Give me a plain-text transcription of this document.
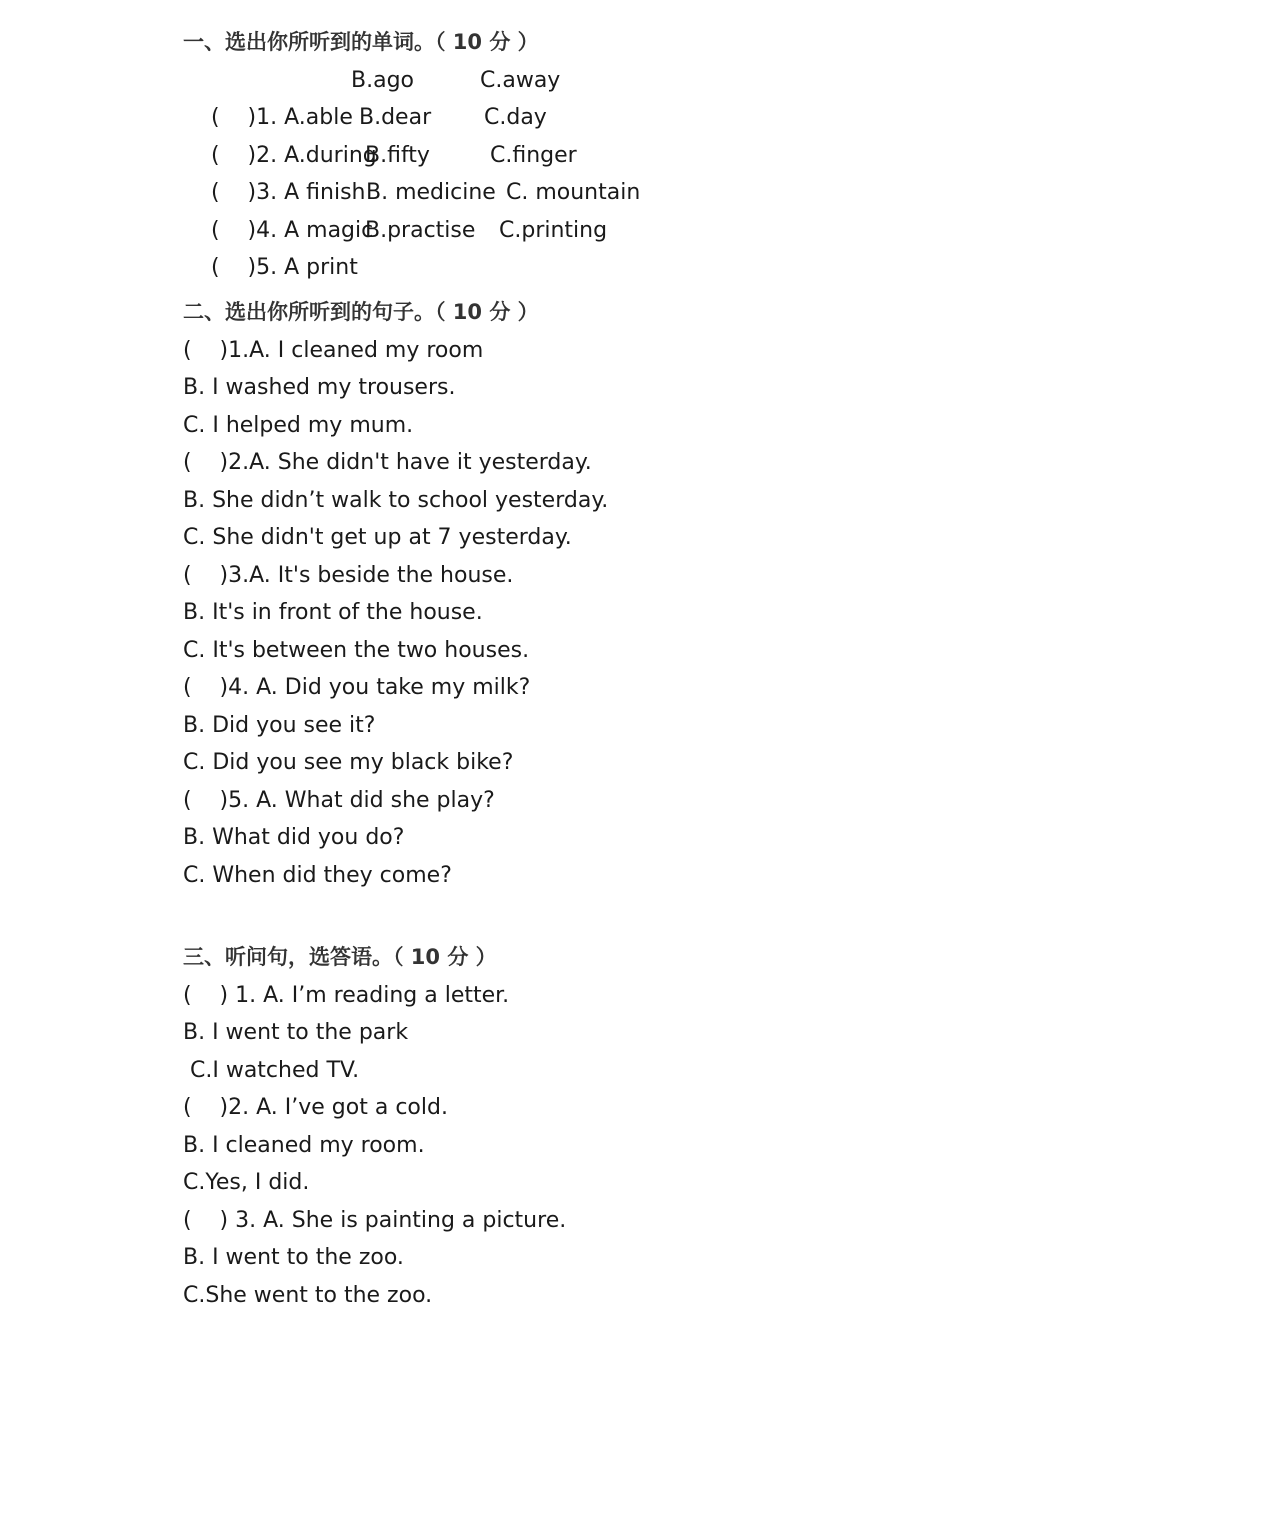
一、选出你所听到的单词。（ 10 分 ）

(    )1. A.able

B.ago

	C.away

(    )2. A.during

B.dear

C.day

(    )3. A finish

B.fifty

	C.finger

(    )4. A magic

B. medicine

C. mountain

(    )5. A print

B.practise

C.printing

二、选出你所听到的句子。（ 10 分 ）
(    )1.A. I cleaned my room
B. I washed my trousers.
C. I helped my mum.
(    )2.A. She didn't have it yesterday.
B. She didn’t walk to school yesterday.
C. She didn't get up at 7 yesterday.
(    )3.A. It's beside the house.
B. It's in front of the house.
C. It's between the two houses.
(    )4. A. Did you take my milk?
B. Did you see it?
C. Did you see my black bike?
(    )5. A. What did she play?
B. What did you do?
C. When did they come?
三、听问句，选答语。（ 10 分 ）
(    ) 1. A. I’m reading a letter.
B. I went to the park
C.I watched TV.
(    )2. A. I’ve got a cold.
B. I cleaned my room.
C.Yes, I did.
(    ) 3. A. She is painting a picture.
B. I went to the zoo.
C.She went to the zoo.
